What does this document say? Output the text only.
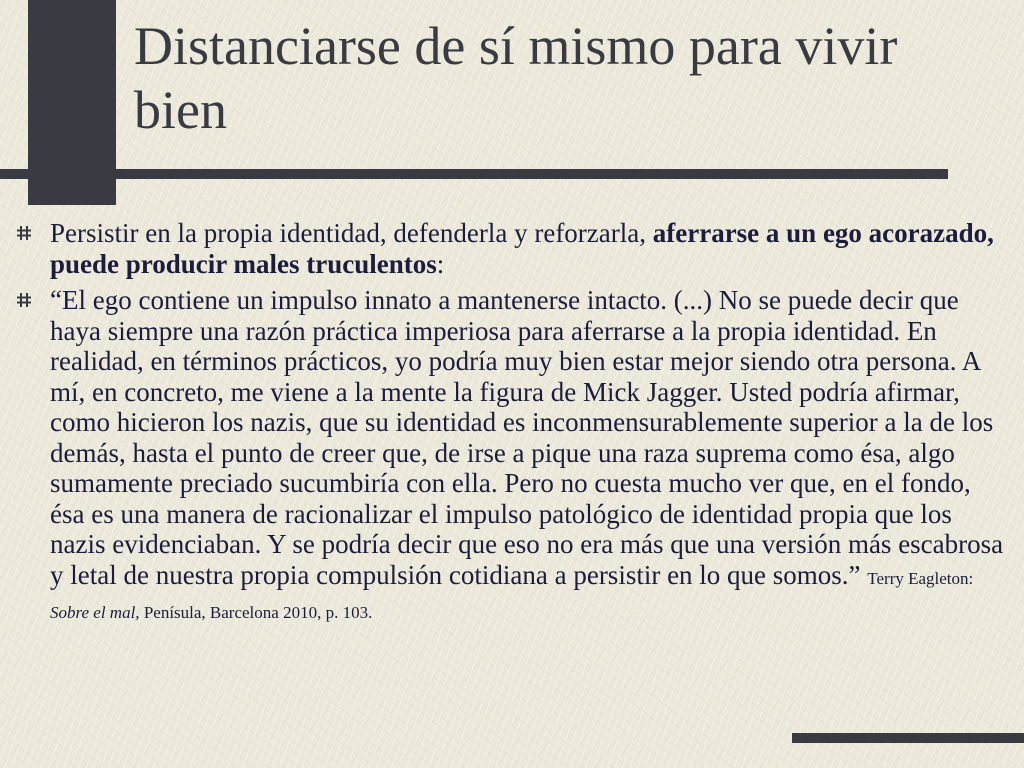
Distanciarse de sí mismo para vivir bien
Persistir en la propia identidad, defenderla y reforzarla, aferrarse a un ego acorazado, puede producir males truculentos:
“El ego contiene un impulso innato a mantenerse intacto. (...) No se puede decir que haya siempre una razón práctica imperiosa para aferrarse a la propia identidad. En realidad, en términos prácticos, yo podría muy bien estar mejor siendo otra persona. A mí, en concreto, me viene a la mente la figura de Mick Jagger. Usted podría afirmar, como hicieron los nazis, que su identidad es inconmensurablemente superior a la de los demás, hasta el punto de creer que, de irse a pique una raza suprema como ésa, algo sumamente preciado sucumbiría con ella. Pero no cuesta mucho ver que, en el fondo, ésa es una manera de racionalizar el impulso patológico de identidad propia que los nazis evidenciaban. Y se podría decir que eso no era más que una versión más escabrosa y letal de nuestra propia compulsión cotidiana a persistir en lo que somos.” Terry Eagleton: Sobre el mal, Penísula, Barcelona 2010, p. 103.
